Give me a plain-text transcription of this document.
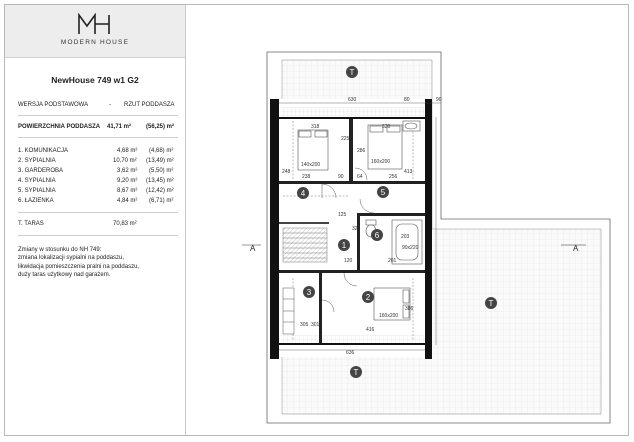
MODERN HOUSE
NewHouse 749 w1 G2
WERSJA PODSTAWOWA	- RZUT PODDASZA
POWIERZCHNIA PODDASZA 41,71 m² (56,25) m²
1. KOMUNIKACJA	4,68 m² (4,68) m²
2. SYPIALNIA	10,70 m² (13,49) m²
3. GARDEROBA	3,62 m² (5,50) m²
4. SYPIALNIA	9,20 m² (13,45) m²
5. SYPIALNIA	8,67 m² (12,42) m²
6. ŁAZIENKA	4,84 m² (6,71) m²
T. TARAS	70,83 m²
Zmiany w stosunku do NH 749:
zmiana lokalizacji sypialni na poddaszu,
likwidacja pomieszczenia pralni na poddaszu,
duży taras użytkowy nad garażem.
A	A
1
2
3
4	5
6
T
T
T
630	80	90
318	320
238	90	64	256
125
120
325
203
201
416
305 301
636
160x200
140x200	160x200
90x220
248
225
413
286
386
